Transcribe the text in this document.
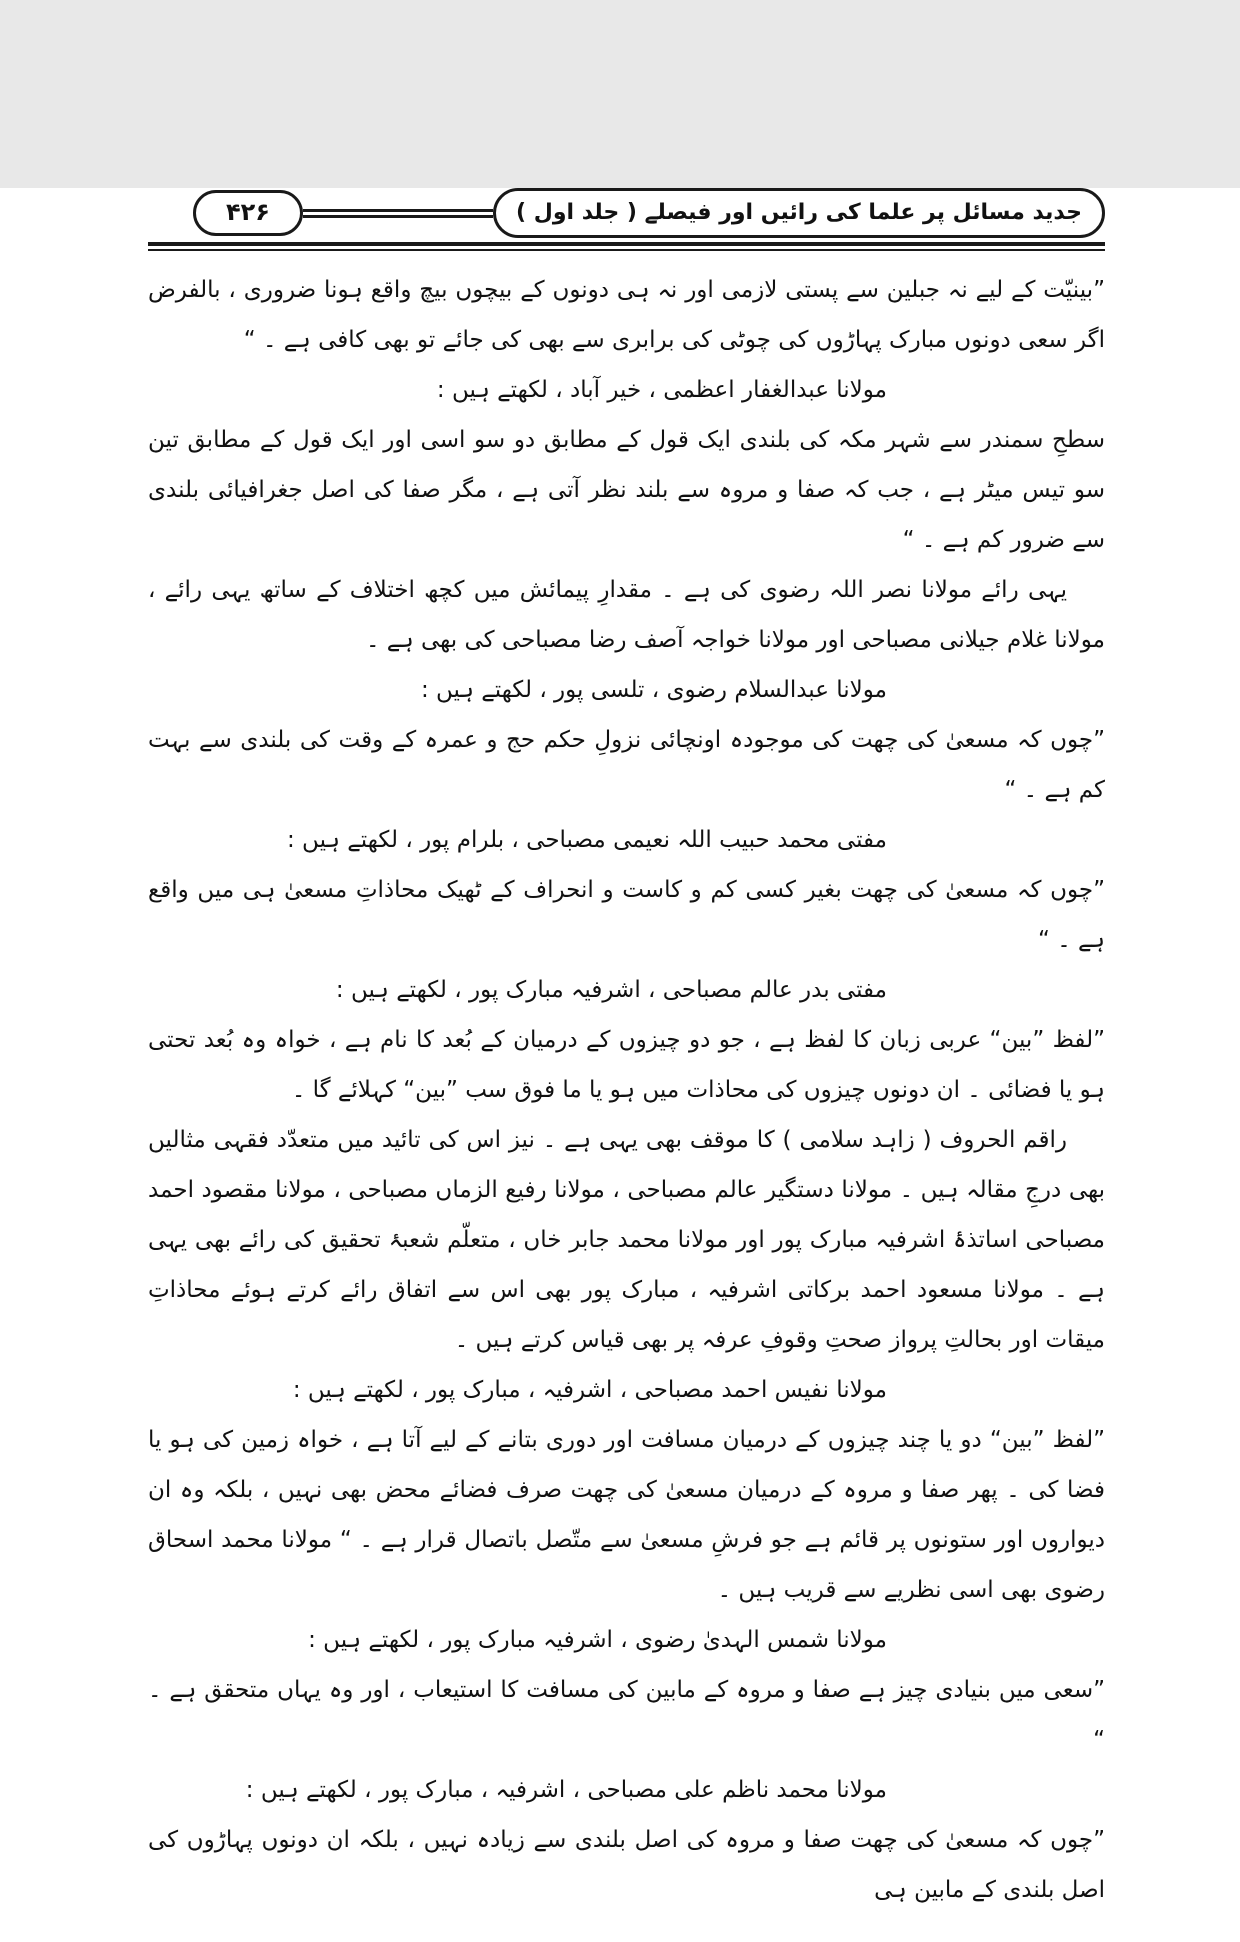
جدید مسائل پر علما کی رائیں اور فیصلے ( جلد اول )
۴۲۶

”بینیّت کے لیے نہ جبلین سے پستی لازمی اور نہ ہی دونوں کے بیچوں بیچ واقع ہونا ضروری ، بالفرض اگر سعی دونوں مبارک پہاڑوں کی چوٹی کی برابری سے بھی کی جائے تو بھی کافی ہے ۔ “

مولانا عبدالغفار اعظمی ، خیر آباد ، لکھتے ہیں :

سطحِ سمندر سے شہر مکہ کی بلندی ایک قول کے مطابق دو سو اسی اور ایک قول کے مطابق تین سو تیس میٹر ہے ، جب کہ صفا و مروہ سے بلند نظر آتی ہے ، مگر صفا کی اصل جغرافیائی بلندی سے ضرور کم ہے ۔ “

یہی رائے مولانا نصر اللہ رضوی کی ہے ۔ مقدارِ پیمائش میں کچھ اختلاف کے ساتھ یہی رائے ، مولانا غلام جیلانی مصباحی اور مولانا خواجہ آصف رضا مصباحی کی بھی ہے ۔

مولانا عبدالسلام رضوی ، تلسی پور ، لکھتے ہیں :

”چوں کہ مسعیٰ کی چھت کی موجودہ اونچائی نزولِ حکم حج و عمرہ کے وقت کی بلندی سے بہت کم ہے ۔ “

مفتی محمد حبیب اللہ نعیمی مصباحی ، بلرام پور ، لکھتے ہیں :

”چوں کہ مسعیٰ کی چھت بغیر کسی کم و کاست و انحراف کے ٹھیک محاذاتِ مسعیٰ ہی میں واقع ہے ۔ “

مفتی بدر عالم مصباحی ، اشرفیہ مبارک پور ، لکھتے ہیں :

”لفظ ”بین“ عربی زبان کا لفظ ہے ، جو دو چیزوں کے درمیان کے بُعد کا نام ہے ، خواہ وہ بُعد تحتی ہو یا فضائی ۔ ان دونوں چیزوں کی محاذات میں ہو یا ما فوق سب ”بین“ کہلائے گا ۔

راقم الحروف ( زاہد سلامی ) کا موقف بھی یہی ہے ۔ نیز اس کی تائید میں متعدّد فقہی مثالیں بھی درجِ مقالہ ہیں ۔ مولانا دستگیر عالم مصباحی ، مولانا رفیع الزماں مصباحی ، مولانا مقصود احمد مصباحی اساتذۂ اشرفیہ مبارک پور اور مولانا محمد جابر خاں ، متعلّم شعبۂ تحقیق کی رائے بھی یہی ہے ۔ مولانا مسعود احمد برکاتی اشرفیہ ، مبارک پور بھی اس سے اتفاق رائے کرتے ہوئے محاذاتِ میقات اور بحالتِ پرواز صحتِ وقوفِ عرفہ پر بھی قیاس کرتے ہیں ۔

مولانا نفیس احمد مصباحی ، اشرفیہ ، مبارک پور ، لکھتے ہیں :

”لفظ ”بین“ دو یا چند چیزوں کے درمیان مسافت اور دوری بتانے کے لیے آتا ہے ، خواہ زمین کی ہو یا فضا کی ۔ پھر صفا و مروہ کے درمیان مسعیٰ کی چھت صرف فضائے محض بھی نہیں ، بلکہ وہ ان دیواروں اور ستونوں پر قائم ہے جو فرشِ مسعیٰ سے متّصل باتصال قرار ہے ۔ “ مولانا محمد اسحاق رضوی بھی اسی نظریے سے قریب ہیں ۔

مولانا شمس الہدیٰ رضوی ، اشرفیہ مبارک پور ، لکھتے ہیں :

”سعی میں بنیادی چیز ہے صفا و مروہ کے مابین کی مسافت کا استیعاب ، اور وہ یہاں متحقق ہے ۔ “

مولانا محمد ناظم علی مصباحی ، اشرفیہ ، مبارک پور ، لکھتے ہیں :

”چوں کہ مسعیٰ کی چھت صفا و مروہ کی اصل بلندی سے زیادہ نہیں ، بلکہ ان دونوں پہاڑوں کی اصل بلندی کے مابین ہی
